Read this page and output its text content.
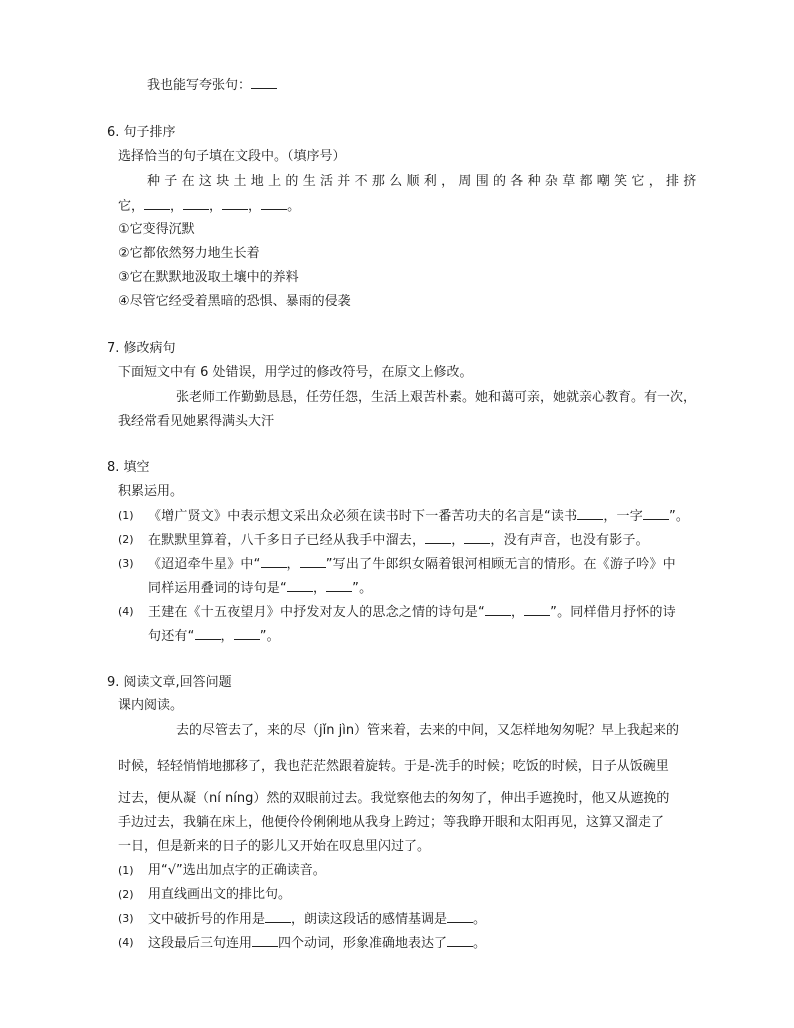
我也能写夸张句：
6. 句子排序
选择恰当的句子填在文段中。（填序号）
种子在这块土地上的生活并不那么顺利，周围的各种杂草都嘲笑它，排挤
它， ， ， ， 。
①它变得沉默
②它都依然努力地生长着
③它在默默地汲取土壤中的养料
④尽管它经受着黑暗的恐惧、暴雨的侵袭
7. 修改病句
下面短文中有 6 处错误，用学过的修改符号，在原文上修改。
张老师工作勤勤恳恳，任劳任怨，生活上艰苦朴素。她和蔼可亲，她就亲心教育。有一次，
我经常看见她累得满头大汗
8. 填空
积累运用。
(1) 《增广贤文》中表示想文采出众必须在读书时下一番苦功夫的名言是“读书 ，一字 ”。
(2) 在默默里算着，八千多日子已经从我手中溜去， ， ，没有声音，也没有影子。
(3) 《迢迢牵牛星》中“ ， ”写出了牛郎织女隔着银河相顾无言的情形。在《游子吟》中
同样运用叠词的诗句是“ ， ”。
(4) 王建在《十五夜望月》中抒发对友人的思念之情的诗句是“ ， ”。同样借月抒怀的诗
句还有“ ， ”。
9. 阅读文章,回答问题
课内阅读。
去的尽管去了，来的尽（jǐn jìn）管来着，去来的中间，又怎样地匆匆呢？早上我起来的
时候，轻轻悄悄地挪移了，我也茫茫然跟着旋转。于是-洗手的时候；吃饭的时候，日子从饭碗里
过去，便从凝（ní níng）然的双眼前过去。我觉察他去的匆匆了，伸出手遮挽时，他又从遮挽的
手边过去，我躺在床上，他便伶伶俐俐地从我身上跨过；等我睁开眼和太阳再见，这算又溜走了
一日，但是新来的日子的影儿又开始在叹息里闪过了。
(1) 用“√”选出加点字的正确读音。
(2) 用直线画出文的排比句。
(3) 文中破折号的作用是 ，朗读这段话的感情基调是 。
(4) 这段最后三句连用 四个动词，形象准确地表达了 。
